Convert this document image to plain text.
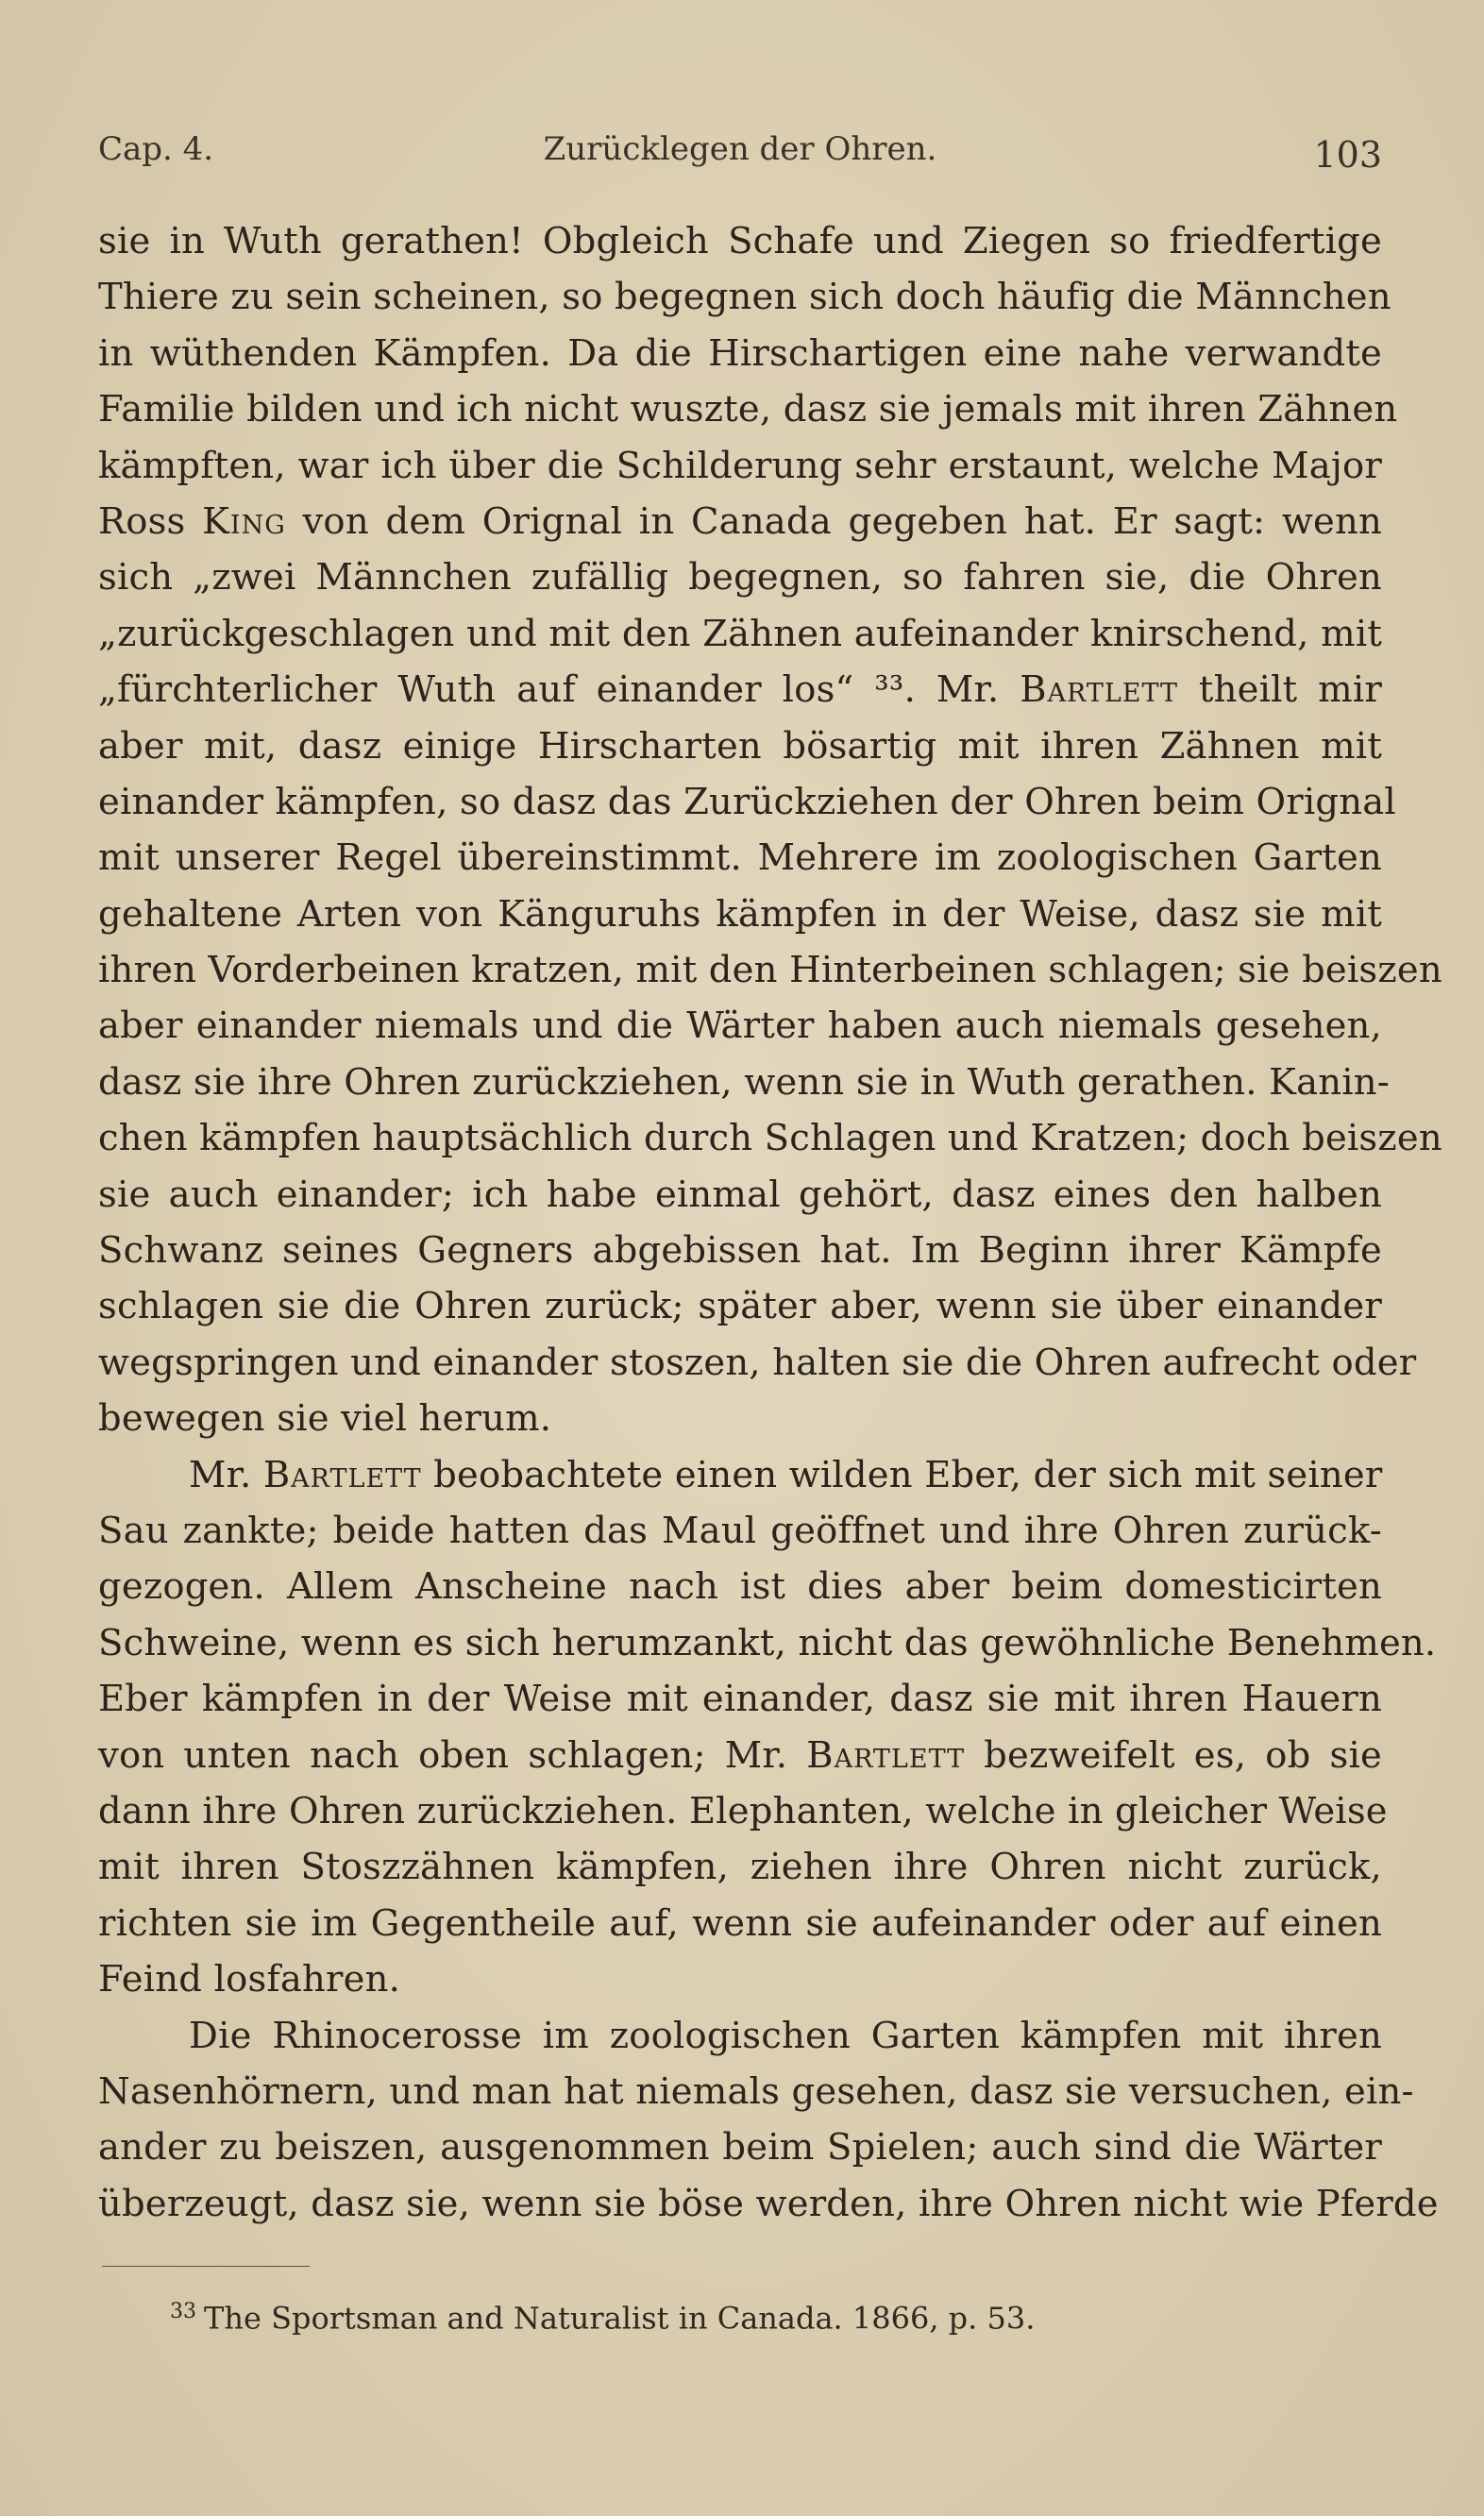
Cap. 4.	Zurücklegen der Ohren.	103
sie in Wuth gerathen! Obgleich Schafe und Ziegen so friedfertige
Thiere zu sein scheinen, so begegnen sich doch häufig die Männchen
in wüthenden Kämpfen. Da die Hirschartigen eine nahe verwandte
Familie bilden und ich nicht wuszte, dasz sie jemals mit ihren Zähnen
kämpften, war ich über die Schilderung sehr erstaunt, welche Major
Ross King von dem Orignal in Canada gegeben hat. Er sagt: wenn
sich „zwei Männchen zufällig begegnen, so fahren sie, die Ohren
„zurückgeschlagen und mit den Zähnen aufeinander knirschend, mit
„fürchterlicher Wuth auf einander los“ ³³. Mr. Bartlett theilt mir
aber mit, dasz einige Hirscharten bösartig mit ihren Zähnen mit
einander kämpfen, so dasz das Zurückziehen der Ohren beim Orignal
mit unserer Regel übereinstimmt. Mehrere im zoologischen Garten
gehaltene Arten von Känguruhs kämpfen in der Weise, dasz sie mit
ihren Vorderbeinen kratzen, mit den Hinterbeinen schlagen; sie beiszen
aber einander niemals und die Wärter haben auch niemals gesehen,
dasz sie ihre Ohren zurückziehen, wenn sie in Wuth gerathen. Kanin-
chen kämpfen hauptsächlich durch Schlagen und Kratzen; doch beiszen
sie auch einander; ich habe einmal gehört, dasz eines den halben
Schwanz seines Gegners abgebissen hat. Im Beginn ihrer Kämpfe
schlagen sie die Ohren zurück; später aber, wenn sie über einander
wegspringen und einander stoszen, halten sie die Ohren aufrecht oder
bewegen sie viel herum.
Mr. Bartlett beobachtete einen wilden Eber, der sich mit seiner
Sau zankte; beide hatten das Maul geöffnet und ihre Ohren zurück-
gezogen. Allem Anscheine nach ist dies aber beim domesticirten
Schweine, wenn es sich herumzankt, nicht das gewöhnliche Benehmen.
Eber kämpfen in der Weise mit einander, dasz sie mit ihren Hauern
von unten nach oben schlagen; Mr. Bartlett bezweifelt es, ob sie
dann ihre Ohren zurückziehen. Elephanten, welche in gleicher Weise
mit ihren Stoszzähnen kämpfen, ziehen ihre Ohren nicht zurück,
richten sie im Gegentheile auf, wenn sie aufeinander oder auf einen
Feind losfahren.
Die Rhinocerosse im zoologischen Garten kämpfen mit ihren
Nasenhörnern, und man hat niemals gesehen, dasz sie versuchen, ein-
ander zu beiszen, ausgenommen beim Spielen; auch sind die Wärter
überzeugt, dasz sie, wenn sie böse werden, ihre Ohren nicht wie Pferde
$^{33}$ The Sportsman and Naturalist in Canada. 1866, p. 53.
